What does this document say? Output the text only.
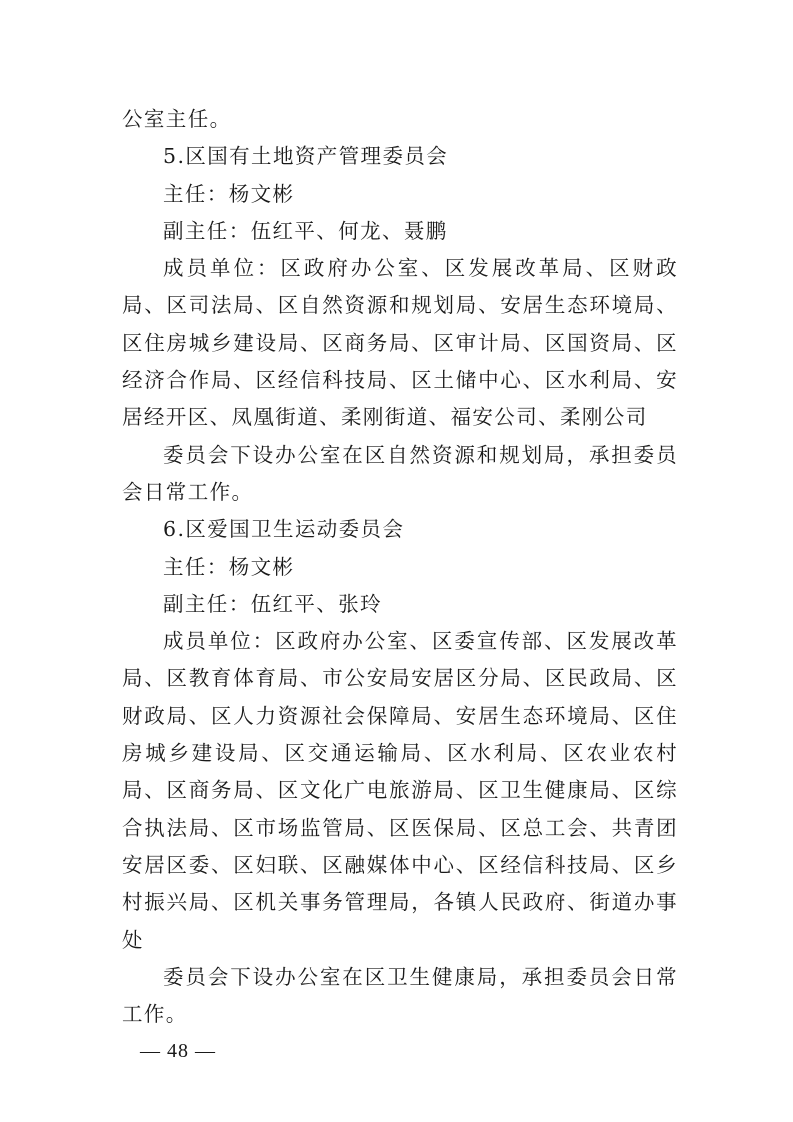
公室主任。

5.区国有土地资产管理委员会

主任：杨文彬

副主任：伍红平、何龙、聂鹏

成员单位：区政府办公室、区发展改革局、区财政局、区司法局、区自然资源和规划局、安居生态环境局、区住房城乡建设局、区商务局、区审计局、区国资局、区经济合作局、区经信科技局、区土储中心、区水利局、安居经开区、凤凰街道、柔刚街道、福安公司、柔刚公司

委员会下设办公室在区自然资源和规划局，承担委员会日常工作。

6.区爱国卫生运动委员会

主任：杨文彬

副主任：伍红平、张玲

成员单位：区政府办公室、区委宣传部、区发展改革局、区教育体育局、市公安局安居区分局、区民政局、区财政局、区人力资源社会保障局、安居生态环境局、区住房城乡建设局、区交通运输局、区水利局、区农业农村局、区商务局、区文化广电旅游局、区卫生健康局、区综合执法局、区市场监管局、区医保局、区总工会、共青团安居区委、区妇联、区融媒体中心、区经信科技局、区乡村振兴局、区机关事务管理局，各镇人民政府、街道办事处

委员会下设办公室在区卫生健康局，承担委员会日常工作。

— 48 —
